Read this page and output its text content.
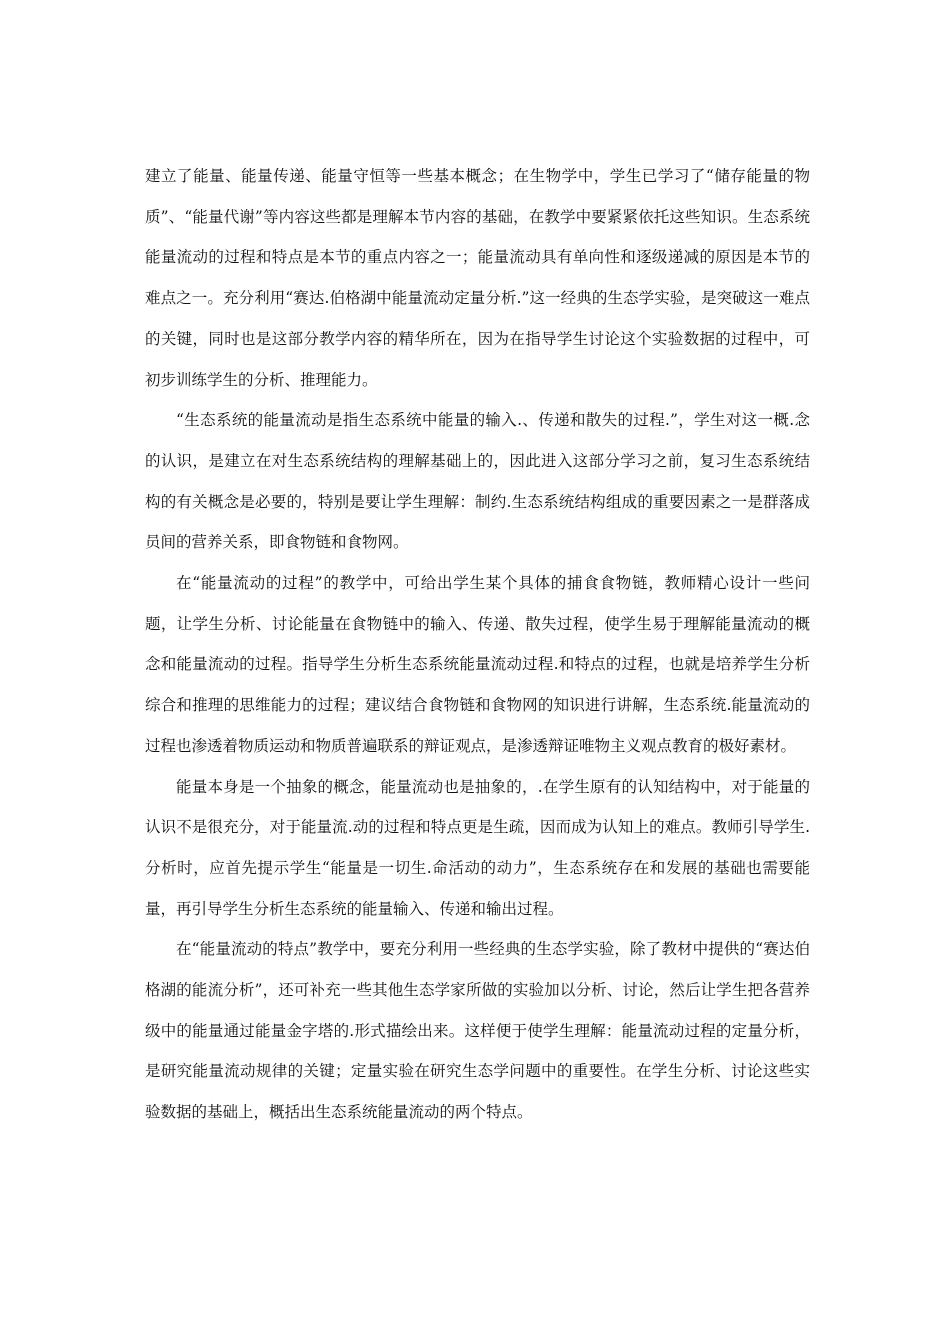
建立了能量、能量传递、能量守恒等一些基本概念；在生物学中，学生已学习了“储存能量的物质”、“能量代谢”等内容这些都是理解本节内容的基础，在教学中要紧紧依托这些知识。生态系统能量流动的过程和特点是本节的重点内容之一；能量流动具有单向性和逐级递减的原因是本节的难点之一。充分利用“赛达.伯格湖中能量流动定量分析.”这一经典的生态学实验，是突破这一难点的关键，同时也是这部分教学内容的精华所在，因为在指导学生讨论这个实验数据的过程中，可初步训练学生的分析、推理能力。

“生态系统的能量流动是指生态系统中能量的输入.、传递和散失的过程.”，学生对这一概.念的认识，是建立在对生态系统结构的理解基础上的，因此进入这部分学习之前，复习生态系统结构的有关概念是必要的，特别是要让学生理解：制约.生态系统结构组成的重要因素之一是群落成员间的营养关系，即食物链和食物网。

在“能量流动的过程”的教学中，可给出学生某个具体的捕食食物链，教师精心设计一些问题，让学生分析、讨论能量在食物链中的输入、传递、散失过程，使学生易于理解能量流动的概念和能量流动的过程。指导学生分析生态系统能量流动过程.和特点的过程，也就是培养学生分析综合和推理的思维能力的过程；建议结合食物链和食物网的知识进行讲解，生态系统.能量流动的过程也渗透着物质运动和物质普遍联系的辩证观点，是渗透辩证唯物主义观点教育的极好素材。

能量本身是一个抽象的概念，能量流动也是抽象的，.在学生原有的认知结构中，对于能量的认识不是很充分，对于能量流.动的过程和特点更是生疏，因而成为认知上的难点。教师引导学生.分析时，应首先提示学生“能量是一切生.命活动的动力”，生态系统存在和发展的基础也需要能量，再引导学生分析生态系统的能量输入、传递和输出过程。

在“能量流动的特点”教学中，要充分利用一些经典的生态学实验，除了教材中提供的“赛达伯格湖的能流分析”，还可补充一些其他生态学家所做的实验加以分析、讨论，然后让学生把各营养级中的能量通过能量金字塔的.形式描绘出来。这样便于使学生理解：能量流动过程的定量分析，是研究能量流动规律的关键；定量实验在研究生态学问题中的重要性。在学生分析、讨论这些实验数据的基础上，概括出生态系统能量流动的两个特点。
